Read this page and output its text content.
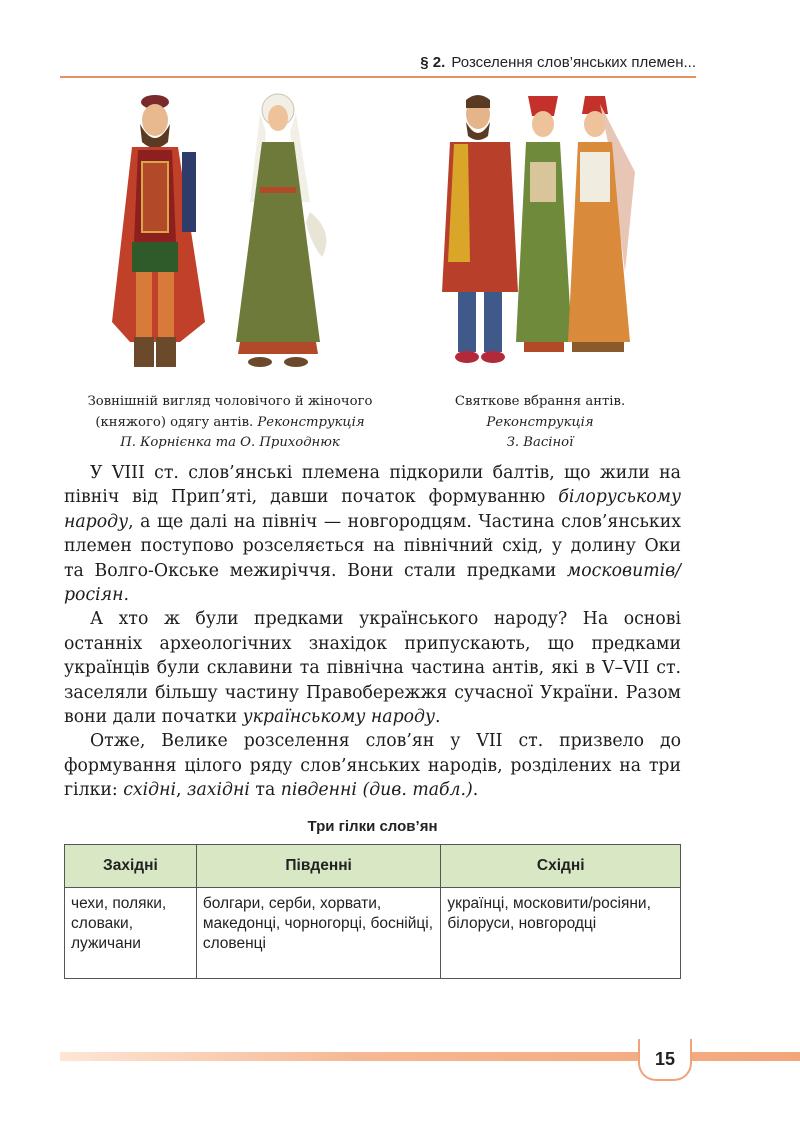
§ 2. Розселення слов’янських племен...
Зовнішній вигляд чоловічого й жіночого
(княжого) одягу антів. Реконструкція
П. Корнієнка та О. Приходнюк
Святкове вбрання антів.
Реконструкція
З. Васіної

У VIII ст. слов’янські племена підкорили балтів, що жили на північ від Прип’яті, давши початок формуванню білоруському народу, а ще далі на північ — новгородцям. Частина слов’янських племен поступово розселяється на північний схід, у долину Оки та Волго-Окське межиріччя. Вони стали предками московитів/росіян.

А хто ж були предками українського народу? На основі останніх археологічних знахідок припускають, що предками українців були склавини та північна частина антів, які в V–VII ст. заселяли більшу частину Правобережжя сучасної України. Разом вони дали початки українському народу.

Отже, Велике розселення слов’ян у VII ст. призвело до формування цілого ряду слов’янських народів, розділених на три гілки: східні, західні та південні (див. табл.).

Три гілки слов’ян
Західні	Південні	Східні
чехи, поляки, словаки, лужичани	болгари, серби, хорвати, македонці, чорногорці, боснійці, словенці	українці, московити/росіяни, білоруси, новгородці
15
